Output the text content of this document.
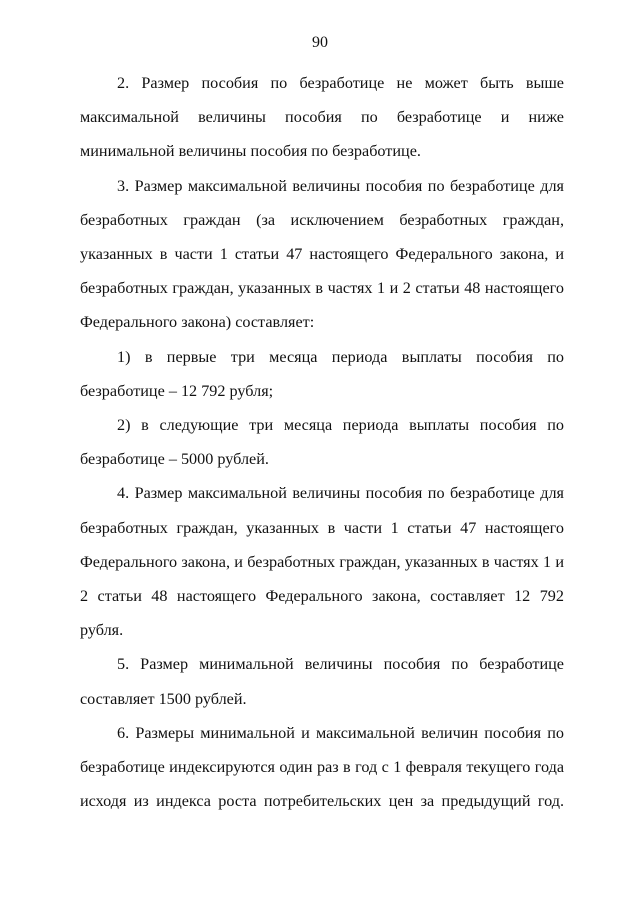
90

2. Размер пособия по безработице не может быть выше максимальной величины пособия по безработице и ниже минимальной величины пособия по безработице.

3. Размер максимальной величины пособия по безработице для безработных граждан (за исключением безработных граждан, указанных в части 1 статьи 47 настоящего Федерального закона, и безработных граждан, указанных в частях 1 и 2 статьи 48 настоящего Федерального закона) составляет:

1) в первые три месяца периода выплаты пособия по безработице – 12 792 рубля;

2) в следующие три месяца периода выплаты пособия по безработице – 5000 рублей.

4. Размер максимальной величины пособия по безработице для безработных граждан, указанных в части 1 статьи 47 настоящего Федерального закона, и безработных граждан, указанных в частях 1 и 2 статьи 48 настоящего Федерального закона, составляет 12 792 рубля.

5. Размер минимальной величины пособия по безработице составляет 1500 рублей.

6. Размеры минимальной и максимальной величин пособия по безработице индексируются один раз в год с 1 февраля текущего года исходя из индекса роста потребительских цен за предыдущий год.
